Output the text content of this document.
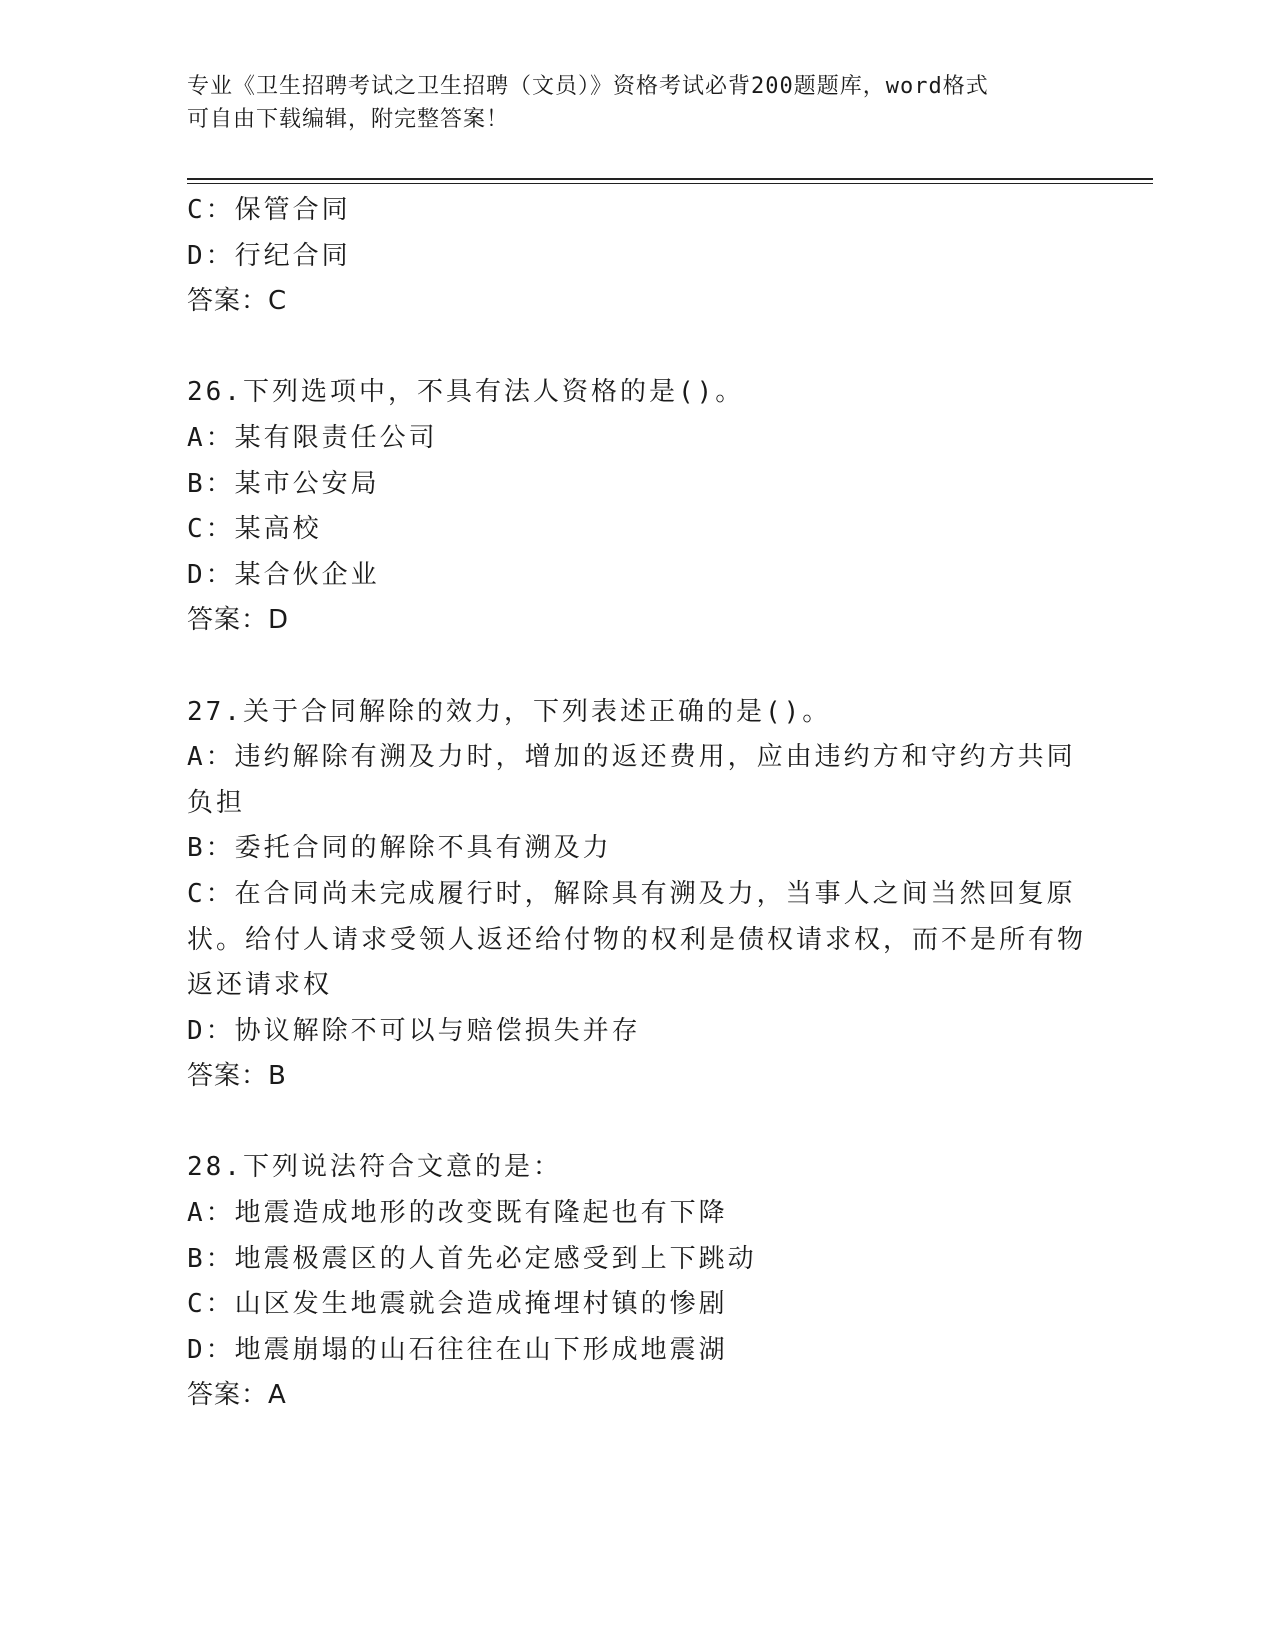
专业《卫生招聘考试之卫生招聘（文员）》资格考试必背200题题库，word格式

可自由下载编辑，附完整答案！

C：保管合同

D：行纪合同

答案：C

26.下列选项中，不具有法人资格的是()。

A：某有限责任公司

B：某市公安局

C：某高校

D：某合伙企业

答案：D

27.关于合同解除的效力，下列表述正确的是()。

A：违约解除有溯及力时，增加的返还费用，应由违约方和守约方共同负担

B：委托合同的解除不具有溯及力

C：在合同尚未完成履行时，解除具有溯及力，当事人之间当然回复原状。给付人请求受领人返还给付物的权利是债权请求权，而不是所有物返还请求权

D：协议解除不可以与赔偿损失并存

答案：B

28.下列说法符合文意的是：

A：地震造成地形的改变既有隆起也有下降

B：地震极震区的人首先必定感受到上下跳动

C：山区发生地震就会造成掩埋村镇的惨剧

D：地震崩塌的山石往往在山下形成地震湖

答案：A
